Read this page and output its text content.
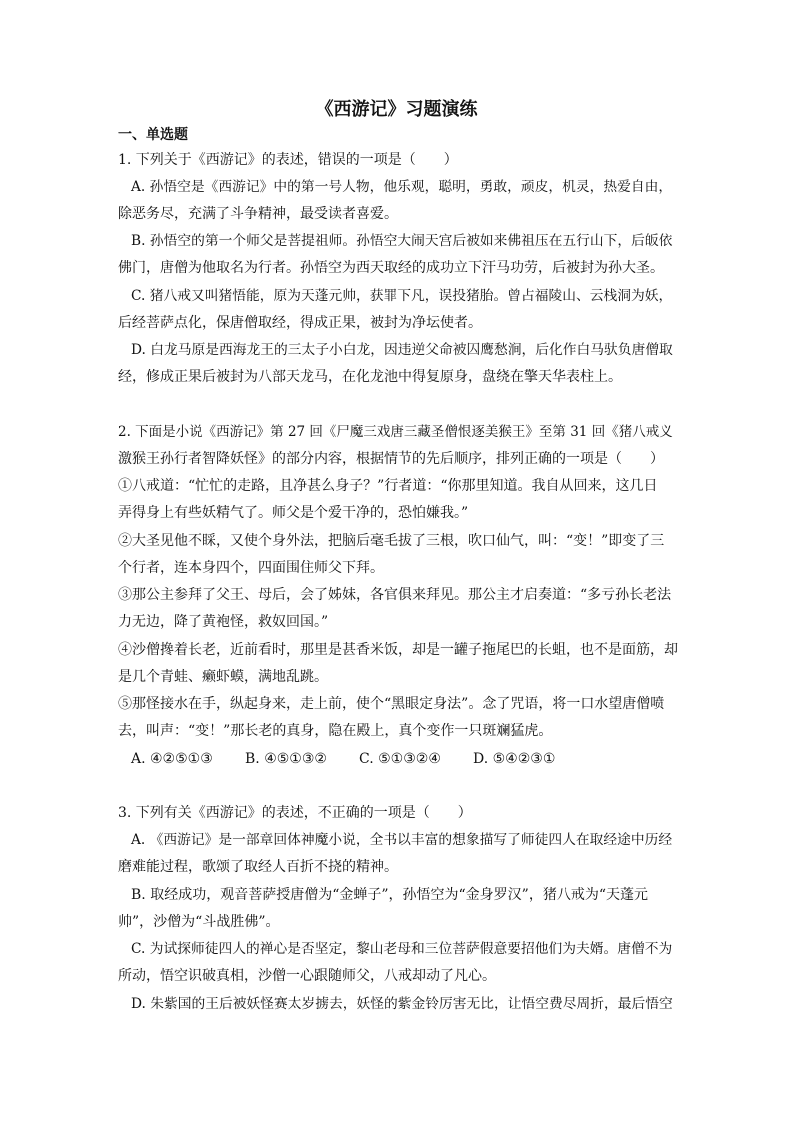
《西游记》习题演练
一、单选题
1. 下列关于《西游记》的表述，错误的一项是（　　）
A. 孙悟空是《西游记》中的第一号人物，他乐观，聪明，勇敢，顽皮，机灵，热爱自由，
除恶务尽，充满了斗争精神，最受读者喜爱。
B. 孙悟空的第一个师父是菩提祖师。孙悟空大闹天宫后被如来佛祖压在五行山下，后皈依
佛门，唐僧为他取名为行者。孙悟空为西天取经的成功立下汗马功劳，后被封为孙大圣。
C. 猪八戒又叫猪悟能，原为天蓬元帅，获罪下凡，误投猪胎。曾占福陵山、云栈洞为妖，
后经菩萨点化，保唐僧取经，得成正果，被封为净坛使者。
D. 白龙马原是西海龙王的三太子小白龙，因违逆父命被囚鹰愁涧，后化作白马驮负唐僧取
经，修成正果后被封为八部天龙马，在化龙池中得复原身，盘绕在擎天华表柱上。
2. 下面是小说《西游记》第 27 回《尸魔三戏唐三藏圣僧恨逐美猴王》至第 31 回《猪八戒义
激猴王孙行者智降妖怪》的部分内容，根据情节的先后顺序，排列正确的一项是（　　）
①八戒道：“忙忙的走路，且净甚么身子？”行者道：“你那里知道。我自从回来，这几日
弄得身上有些妖精气了。师父是个爱干净的，恐怕嫌我。”
②大圣见他不睬，又使个身外法，把脑后毫毛拔了三根，吹口仙气，叫：“变！”即变了三
个行者，连本身四个，四面围住师父下拜。
③那公主参拜了父王、母后，会了姊妹，各官俱来拜见。那公主才启奏道：“多亏孙长老法
力无边，降了黄袍怪，救奴回国。”
④沙僧搀着长老，近前看时，那里是甚香米饭，却是一罐子拖尾巴的长蛆，也不是面筋，却
是几个青蛙、癞虾蟆，满地乱跳。
⑤那怪接水在手，纵起身来，走上前，使个“黑眼定身法”。念了咒语，将一口水望唐僧喷
去，叫声：“变！”那长老的真身，隐在殿上，真个变作一只斑斓猛虎。
A. ④②⑤①③ B. ④⑤①③② C. ⑤①③②④ D. ⑤④②③①
3. 下列有关《西游记》的表述，不正确的一项是（　　）
A. 《西游记》是一部章回体神魔小说，全书以丰富的想象描写了师徒四人在取经途中历经
磨难能过程，歌颂了取经人百折不挠的精神。
B. 取经成功，观音菩萨授唐僧为“金蝉子”，孙悟空为“金身罗汉”，猪八戒为“天蓬元
帅”，沙僧为“斗战胜佛”。
C. 为试探师徒四人的禅心是否坚定，黎山老母和三位菩萨假意要招他们为夫婿。唐僧不为
所动，悟空识破真相，沙僧一心跟随师父，八戒却动了凡心。
D. 朱紫国的王后被妖怪赛太岁掳去，妖怪的紫金铃厉害无比，让悟空费尽周折，最后悟空
